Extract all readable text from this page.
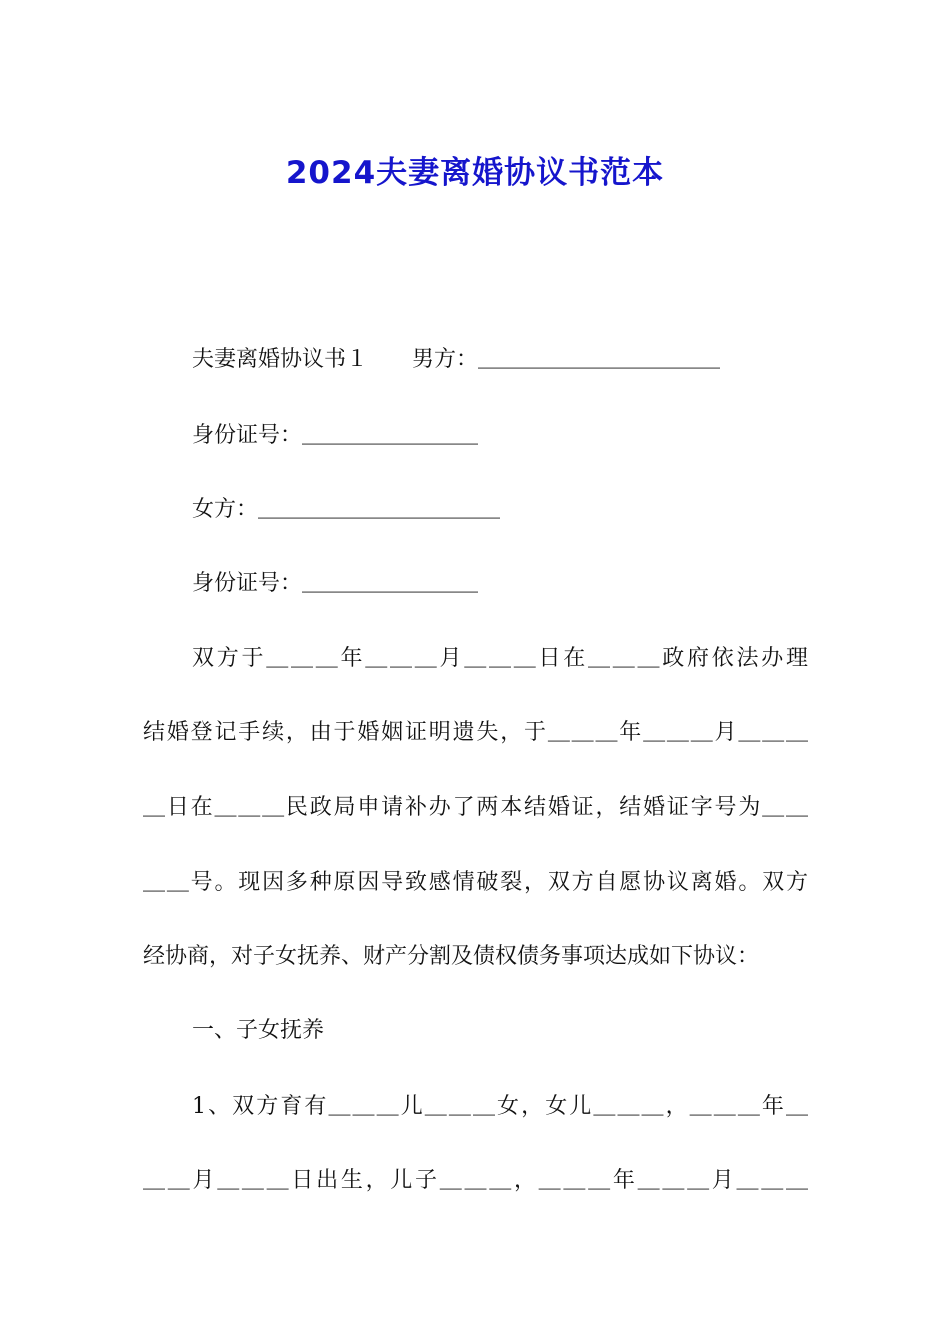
2024夫妻离婚协议书范本

夫妻离婚协议书１　　男方：＿＿＿＿＿＿＿＿＿＿＿

身份证号：＿＿＿＿＿＿＿＿

女方：＿＿＿＿＿＿＿＿＿＿＿

身份证号：＿＿＿＿＿＿＿＿

双方于＿＿＿年＿＿＿月＿＿＿日在＿＿＿政府依法办理

结婚登记手续，由于婚姻证明遗失，于＿＿＿年＿＿＿月＿＿＿

＿日在＿＿＿民政局申请补办了两本结婚证，结婚证字号为＿＿

＿＿号。现因多种原因导致感情破裂，双方自愿协议离婚。双方

经协商，对子女抚养、财产分割及债权债务事项达成如下协议：

一、子女抚养

1、双方育有＿＿＿儿＿＿＿女，女儿＿＿＿，＿＿＿年＿

＿＿月＿＿＿日出生，儿子＿＿＿，＿＿＿年＿＿＿月＿＿＿
